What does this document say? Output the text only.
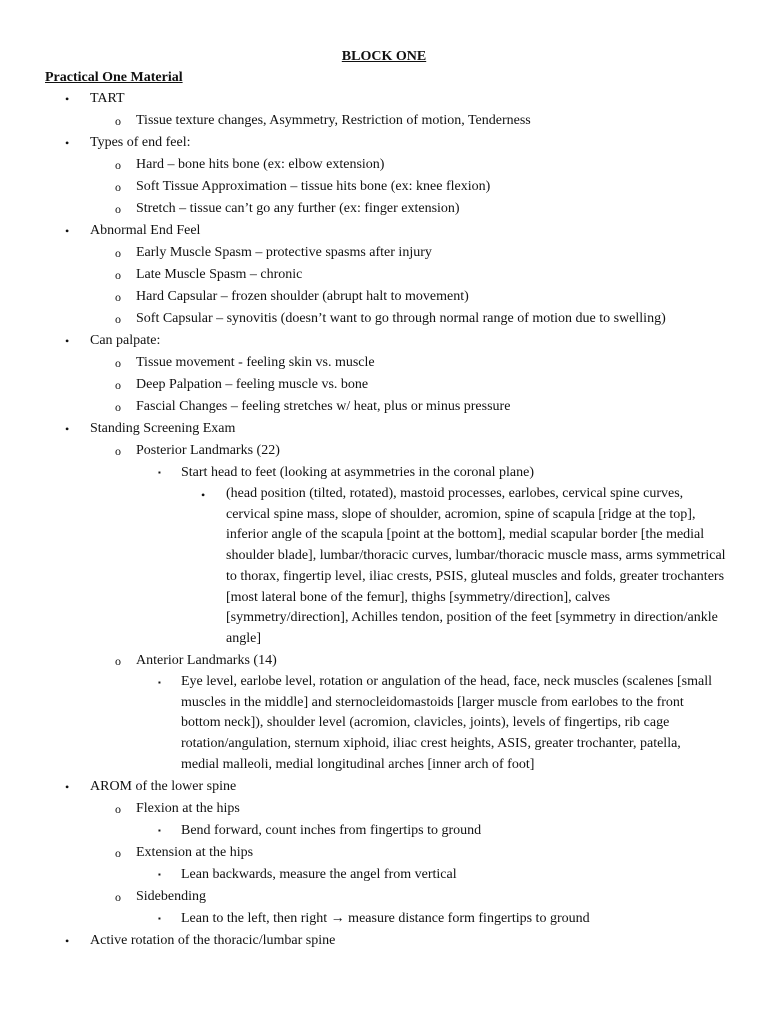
BLOCK ONE
Practical One Material
• TART
o Tissue texture changes, Asymmetry, Restriction of motion, Tenderness
• Types of end feel:
o Hard – bone hits bone (ex: elbow extension)
o Soft Tissue Approximation – tissue hits bone (ex: knee flexion)
o Stretch – tissue can’t go any further (ex: finger extension)
• Abnormal End Feel
o Early Muscle Spasm – protective spasms after injury
o Late Muscle Spasm – chronic
o Hard Capsular – frozen shoulder (abrupt halt to movement)
o Soft Capsular – synovitis (doesn’t want to go through normal range of motion due to swelling)
• Can palpate:
o Tissue movement - feeling skin vs. muscle
o Deep Palpation – feeling muscle vs. bone
o Fascial Changes – feeling stretches w/ heat, plus or minus pressure
• Standing Screening Exam
o Posterior Landmarks (22)
▪ Start head to feet (looking at asymmetries in the coronal plane)
• (head position (tilted, rotated), mastoid processes, earlobes, cervical spine curves, cervical spine mass, slope of shoulder, acromion, spine of scapula [ridge at the top], inferior angle of the scapula [point at the bottom], medial scapular border [the medial shoulder blade], lumbar/thoracic curves, lumbar/thoracic muscle mass, arms symmetrical to thorax, fingertip level, iliac crests, PSIS, gluteal muscles and folds, greater trochanters [most lateral bone of the femur], thighs [symmetry/direction], calves [symmetry/direction], Achilles tendon, position of the feet [symmetry in direction/ankle angle]
o Anterior Landmarks (14)
▪ Eye level, earlobe level, rotation or angulation of the head, face, neck muscles (scalenes [small muscles in the middle] and sternocleidomastoids [larger muscle from earlobes to the front bottom neck]), shoulder level (acromion, clavicles, joints), levels of fingertips, rib cage rotation/angulation, sternum xiphoid, iliac crest heights, ASIS, greater trochanter, patella, medial malleoli, medial longitudinal arches [inner arch of foot]
• AROM of the lower spine
o Flexion at the hips
▪ Bend forward, count inches from fingertips to ground
o Extension at the hips
▪ Lean backwards, measure the angel from vertical
o Sidebending
▪ Lean to the left, then right → measure distance form fingertips to ground
• Active rotation of the thoracic/lumbar spine
